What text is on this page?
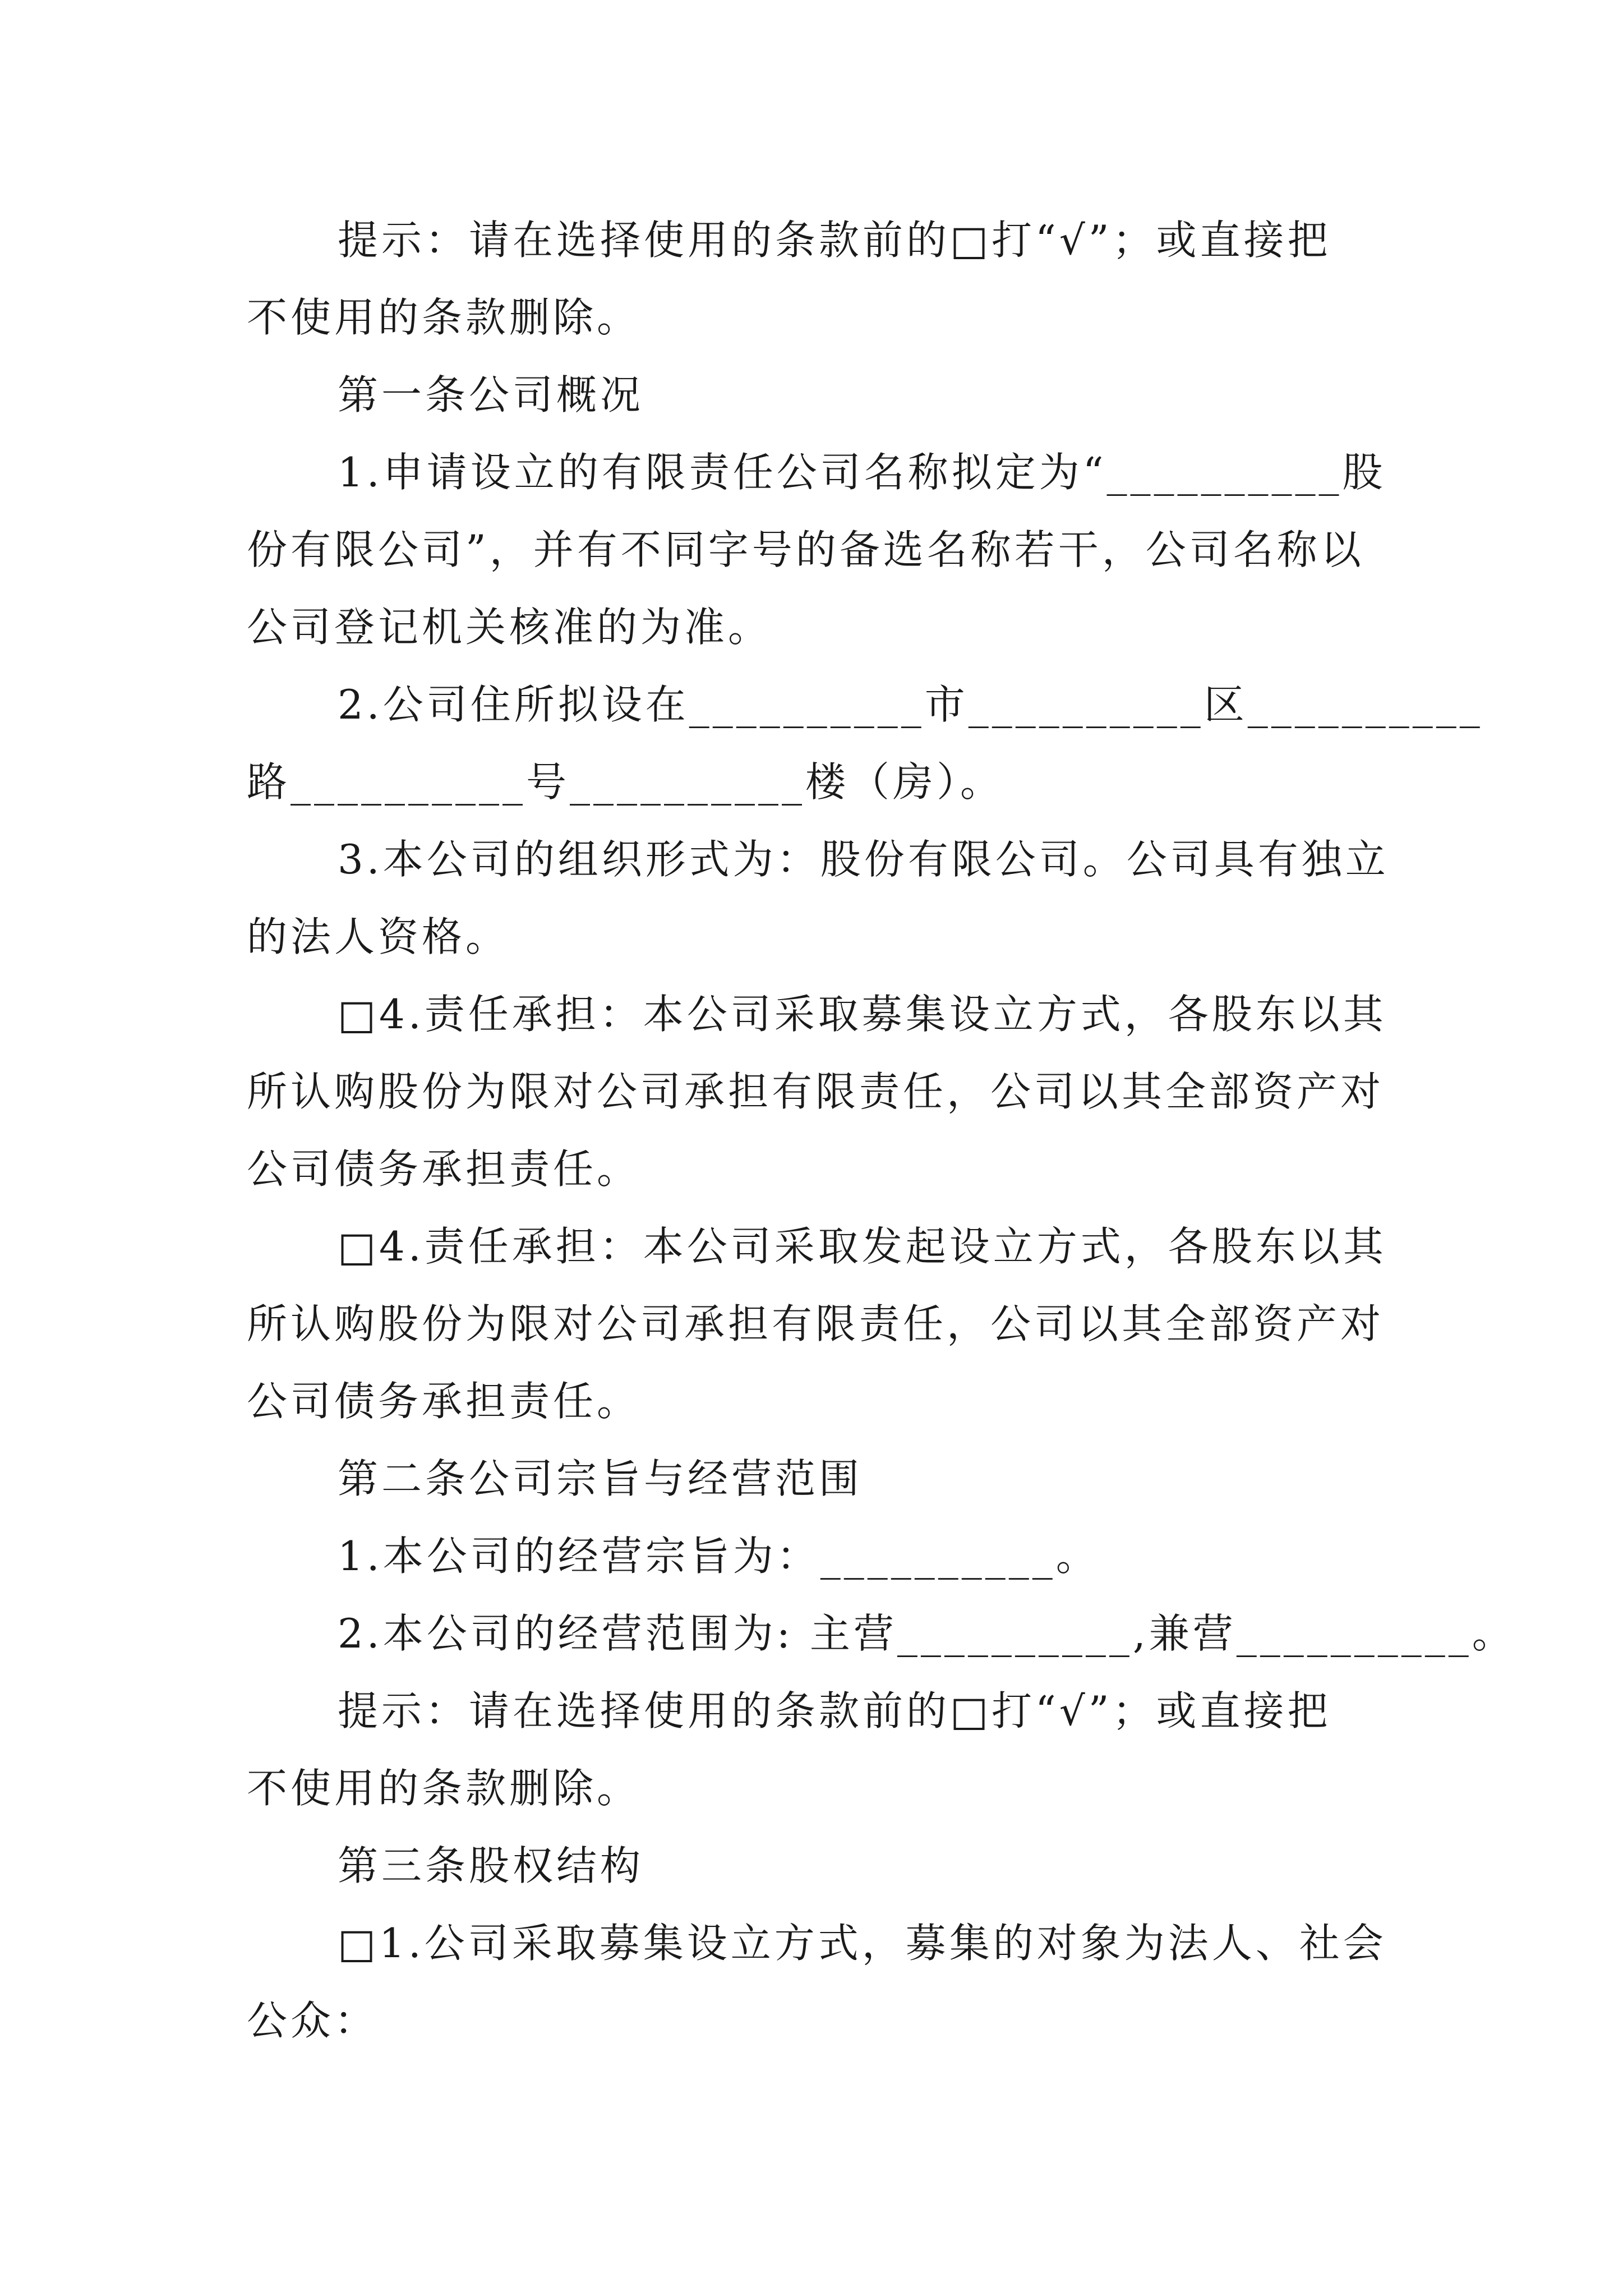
提示：请在选择使用的条款前的□打“√”；或直接把
不使用的条款删除。
第一条公司概况
1.申请设立的有限责任公司名称拟定为“__________股
份有限公司”，并有不同字号的备选名称若干，公司名称以
公司登记机关核准的为准。
2.公司住所拟设在__________市__________区__________
路__________号__________楼（房）。
3.本公司的组织形式为：股份有限公司。公司具有独立
的法人资格。
□4.责任承担：本公司采取募集设立方式，各股东以其
所认购股份为限对公司承担有限责任，公司以其全部资产对
公司债务承担责任。
□4.责任承担：本公司采取发起设立方式，各股东以其
所认购股份为限对公司承担有限责任，公司以其全部资产对
公司债务承担责任。
第二条公司宗旨与经营范围
1.本公司的经营宗旨为：__________。
2.本公司的经营范围为: 主营__________,兼营__________。
提示：请在选择使用的条款前的□打“√”；或直接把
不使用的条款删除。
第三条股权结构
□1.公司采取募集设立方式，募集的对象为法人、社会
公众：
